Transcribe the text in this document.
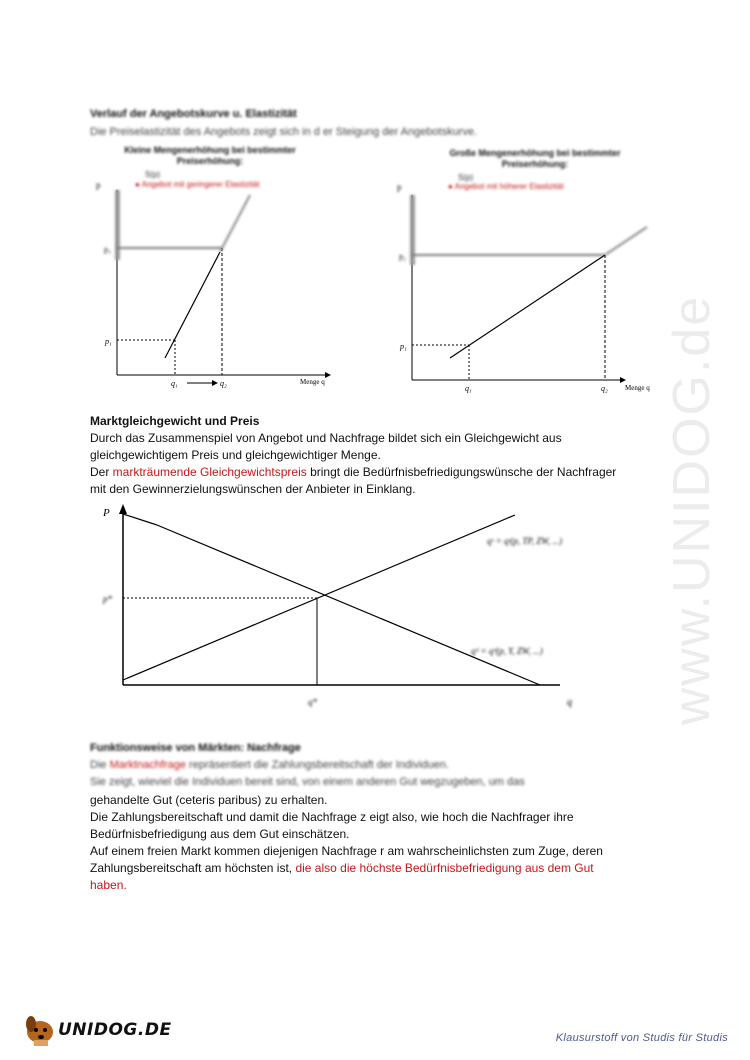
www.UNIDOG.de
Verlauf der Angebotskurve u. Elastizität
Die Preiselastizität des Angebots zeigt sich in d er Steigung der Angebotskurve.
Kleine Mengenerhöhung bei bestimmter
Preiserhöhung:
S(p)
● Angebot mit geringerer Elastizität
p
p₂
p₁
q₁	q₂	Menge q
Große Mengenerhöhung bei bestimmter
Preiserhöhung:
S(p)
● Angebot mit höherer Elastizität
p
p₂
p₁
q₁	q₂ Menge q
Marktgleichgewicht und Preis
Durch das Zusammenspiel von Angebot und Nachfrage bildet sich ein Gleichgewicht aus
gleichgewichtigem Preis und gleichgewichtiger Menge.
Der markträumende Gleichgewichtspreis bringt die Bedürfnisbefriedigungswünsche der Nachfrager
mit den Gewinnerzielungswünschen der Anbieter in Einklang.
P
q
p*
q*
qˢ = qˢ(p, TP, ZW, ...)
qᵈ = qᵈ(p, Y, ZW, ...)
Funktionsweise von Märkten: Nachfrage
Die Marktnachfrage repräsentiert die Zahlungsbereitschaft der Individuen.
Sie zeigt, wieviel die Individuen bereit sind, von einem anderen Gut wegzugeben, um das
gehandelte Gut (ceteris paribus) zu erhalten.
Die Zahlungsbereitschaft und damit die Nachfrage z eigt also, wie hoch die Nachfrager ihre
Bedürfnisbefriedigung aus dem Gut einschätzen.
Auf einem freien Markt kommen diejenigen Nachfrage r am wahrscheinlichsten zum Zuge, deren
Zahlungsbereitschaft am höchsten ist, die also die höchste Bedürfnisbefriedigung aus dem Gut
haben.
UNIDOG.DE	Klausurstoff von Studis für Studis
